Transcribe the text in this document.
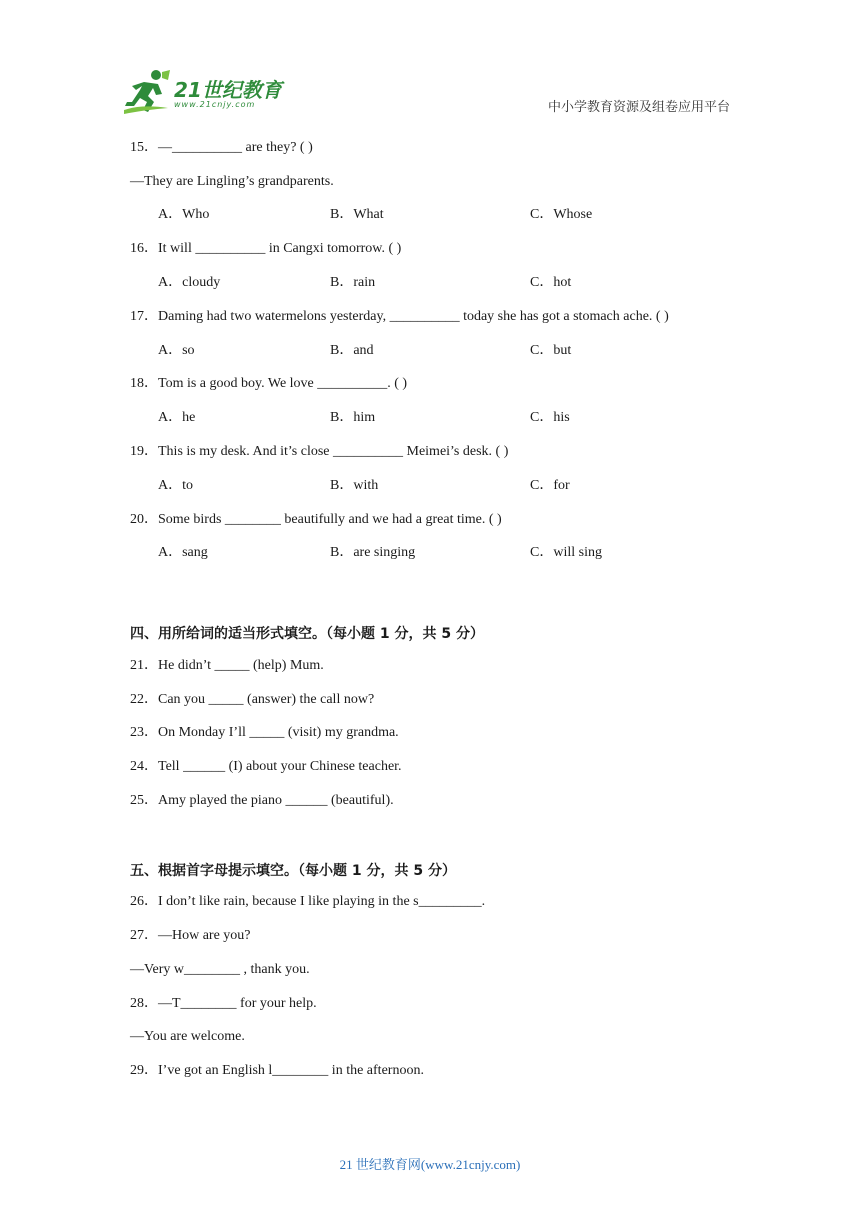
21世纪教育
www.21cnjy.com	中小学教育资源及组卷应用平台
15．—__________ are they? ( )
—They are Lingling’s grandparents.
A．Who	B．What	C．Whose
16．It will __________ in Cangxi tomorrow. ( )
A．cloudy	B．rain	C．hot
17．Daming had two watermelons yesterday, __________ today she has got a stomach ache. ( )
A．so	B．and	C．but
18．Tom is a good boy. We love __________. ( )
A．he	B．him	C．his
19．This is my desk. And it’s close __________ Meimei’s desk. ( )
A．to	B．with	C．for
20．Some birds ________ beautifully and we had a great time. ( )
A．sang	B．are singing	C．will sing
四、用所给词的适当形式填空。（每小题 1 分，共 5 分）
21．He didn’t _____ (help) Mum.
22．Can you _____ (answer) the call now?
23．On Monday I’ll _____ (visit) my grandma.
24．Tell ______ (I) about your Chinese teacher.
25．Amy played the piano ______ (beautiful).
五、根据首字母提示填空。（每小题 1 分，共 5 分）
26．I don’t like rain, because I like playing in the s_________.
27．—How are you?
—Very w________ , thank you.
28．—T________ for your help.
—You are welcome.
29．I’ve got an English l________ in the afternoon.
21 世纪教育网(www.21cnjy.com)
